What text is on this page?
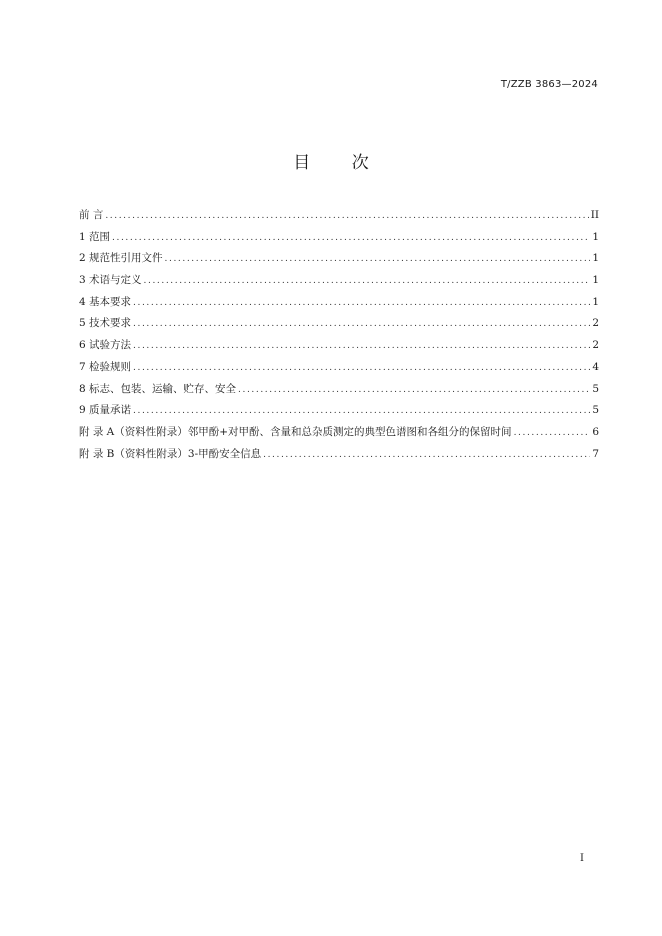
T/ZZB 3863—2024
目 次
前 言 .....	II
1 范围 .....	1
2 规范性引用文件 .....	1
3 术语与定义 .....	1
4 基本要求 .....	1
5 技术要求 .....	2
6 试验方法 .....	2
7 检验规则 .....	4
8 标志、包装、运输、贮存、安全 .....	5
9 质量承诺 .....	5
附 录 A（资料性附录）邻甲酚+对甲酚、含量和总杂质测定的典型色谱图和各组分的保留时间 .....	6
附 录 B（资料性附录）3-甲酚安全信息 .....	7
I
